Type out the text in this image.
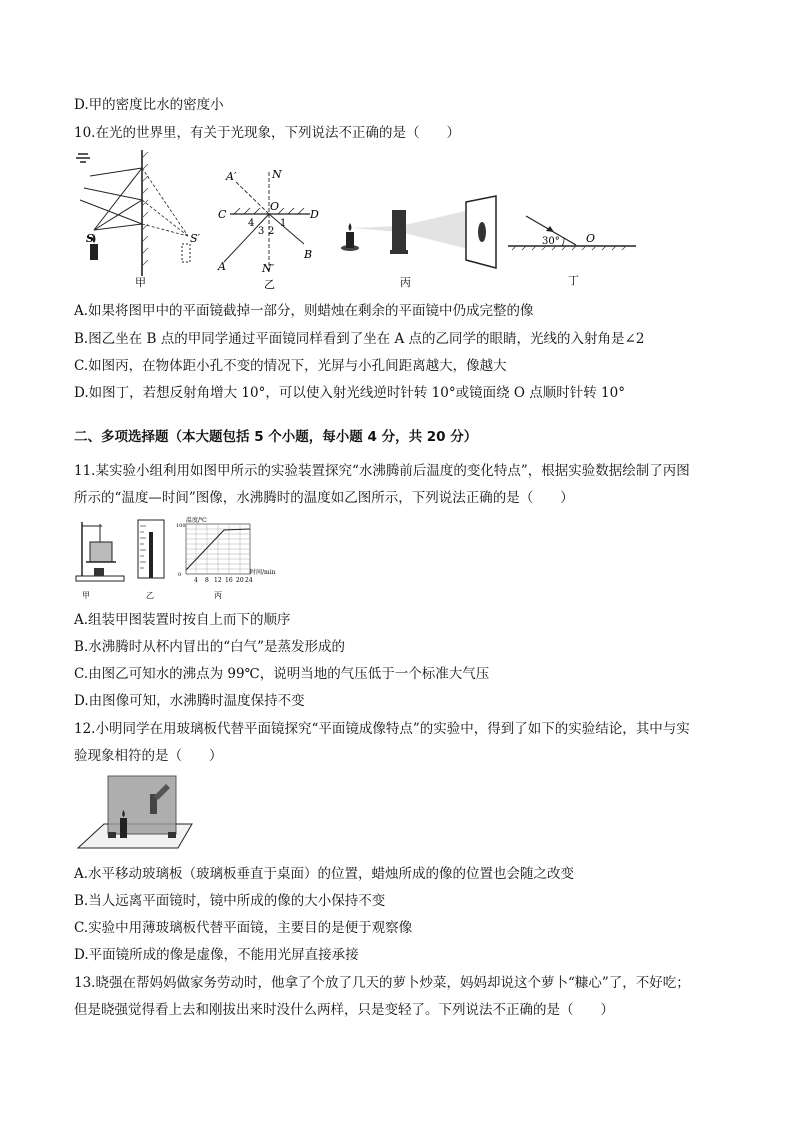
D.甲的密度比水的密度小
10.在光的世界里，有关于光现象，下列说法不正确的是（　　）
S	S′
甲
A′	N
O
C	D
4
3 2
1
A
B
N′
乙	丙
30° O
丁
A.如果将图甲中的平面镜截掉一部分，则蜡烛在剩余的平面镜中仍成完整的像
B.图乙坐在 B 点的甲同学通过平面镜同样看到了坐在 A 点的乙同学的眼睛，光线的入射角是∠2
C.如图丙，在物体距小孔不变的情况下，光屏与小孔间距离越大，像越大
D.如图丁，若想反射角增大 10°，可以使入射光线逆时针转 10°或镜面绕 O 点顺时针转 10°
二、多项选择题（本大题包括 5 个小题，每小题 4 分，共 20 分）
11.某实验小组利用如图甲所示的实验装置探究“水沸腾前后温度的变化特点”，根据实验数据绘制了丙图
所示的“温度—时间”图像，水沸腾时的温度如乙图所示，下列说法正确的是（　　）
甲	乙
温度/℃
时间/min
100
0
4 8 12 16 20 24
丙
A.组装甲图装置时按自上而下的顺序
B.水沸腾时从杯内冒出的“白气”是蒸发形成的
C.由图乙可知水的沸点为 99℃，说明当地的气压低于一个标准大气压
D.由图像可知，水沸腾时温度保持不变
12.小明同学在用玻璃板代替平面镜探究“平面镜成像特点”的实验中，得到了如下的实验结论，其中与实
验现象相符的是（　　）
A.水平移动玻璃板（玻璃板垂直于桌面）的位置，蜡烛所成的像的位置也会随之改变
B.当人远离平面镜时，镜中所成的像的大小保持不变
C.实验中用薄玻璃板代替平面镜，主要目的是便于观察像
D.平面镜所成的像是虚像，不能用光屏直接承接
13.晓强在帮妈妈做家务劳动时，他拿了个放了几天的萝卜炒菜，妈妈却说这个萝卜“糠心”了，不好吃；
但是晓强觉得看上去和刚拔出来时没什么两样，只是变轻了。下列说法不正确的是（　　）
